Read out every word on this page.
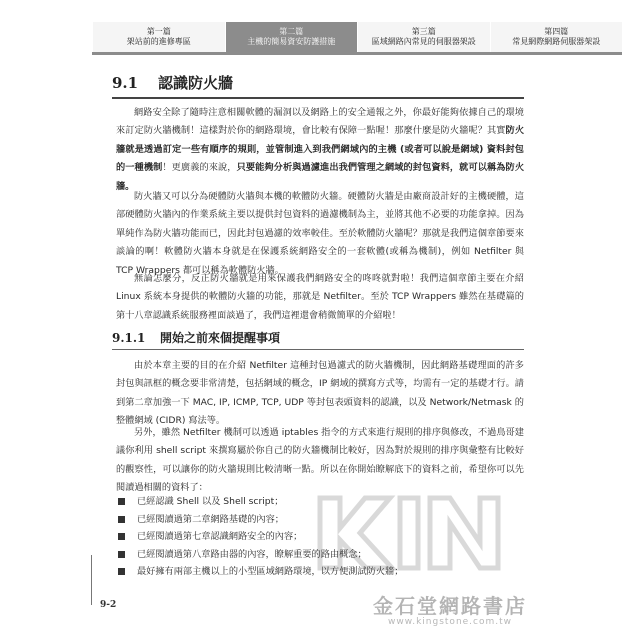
第一篇
架站前的進修專區
第二篇
主機的簡易資安防護措施
第三篇
區域網路內常見的伺服器架設
第四篇
常見網際網路伺服器架設
9.1	認識防火牆
網路安全除了隨時注意相關軟體的漏洞以及網路上的安全通報之外，你最好能夠依據自己的環境來訂定防火牆機制！這樣對於你的網路環境，會比較有保障一點喔！那麼什麼是防火牆呢？其實防火牆就是透過訂定一些有順序的規則，並管制進入到我們網域內的主機 (或者可以說是網域) 資料封包的一種機制！更廣義的來說，只要能夠分析與過濾進出我們管理之網域的封包資料，就可以稱為防火牆。
防火牆又可以分為硬體防火牆與本機的軟體防火牆。硬體防火牆是由廠商設計好的主機硬體，這部硬體防火牆內的作業系統主要以提供封包資料的過濾機制為主，並將其他不必要的功能拿掉。因為單純作為防火牆功能而已，因此封包過濾的效率較佳。至於軟體防火牆呢？那就是我們這個章節要來談論的啊！軟體防火牆本身就是在保護系統網路安全的一套軟體(或稱為機制)，例如 Netfilter 與 TCP Wrappers 都可以稱為軟體防火牆。
無論怎麼分，反正防火牆就是用來保護我們網路安全的咚咚就對啦！我們這個章節主要在介紹 Linux 系統本身提供的軟體防火牆的功能，那就是 Netfilter。至於 TCP Wrappers 雖然在基礎篇的第十八章認識系統服務裡面談過了，我們這裡還會稍微簡單的介紹啦！
9.1.1	開始之前來個提醒事項
由於本章主要的目的在介紹 Netfilter 這種封包過濾式的防火牆機制，因此網路基礎理面的許多封包與訊框的概念要非常清楚，包括網域的概念，IP 網域的撰寫方式等，均需有一定的基礎才行。請到第二章加強一下 MAC, IP, ICMP, TCP, UDP 等封包表頭資料的認識，以及 Network/Netmask 的整體網域 (CIDR) 寫法等。
另外，雖然 Netfilter 機制可以透過 iptables 指令的方式來進行規則的排序與修改，不過鳥哥建議你利用 shell script 來撰寫屬於你自己的防火牆機制比較好，因為對於規則的排序與彙整有比較好的觀察性，可以讓你的防火牆規則比較清晰一點。所以在你開始瞭解底下的資料之前，希望你可以先閱讀過相關的資料了：
已經認識 Shell 以及 Shell script；
已經閱讀過第二章網路基礎的內容；
已經閱讀過第七章認識網路安全的內容；
已經閱讀過第八章路由器的內容，瞭解重要的路由概念；
最好擁有兩部主機以上的小型區域網路環境，以方便測試防火牆；
9-2	金石堂網路書店
www.kingstone.com.tw
